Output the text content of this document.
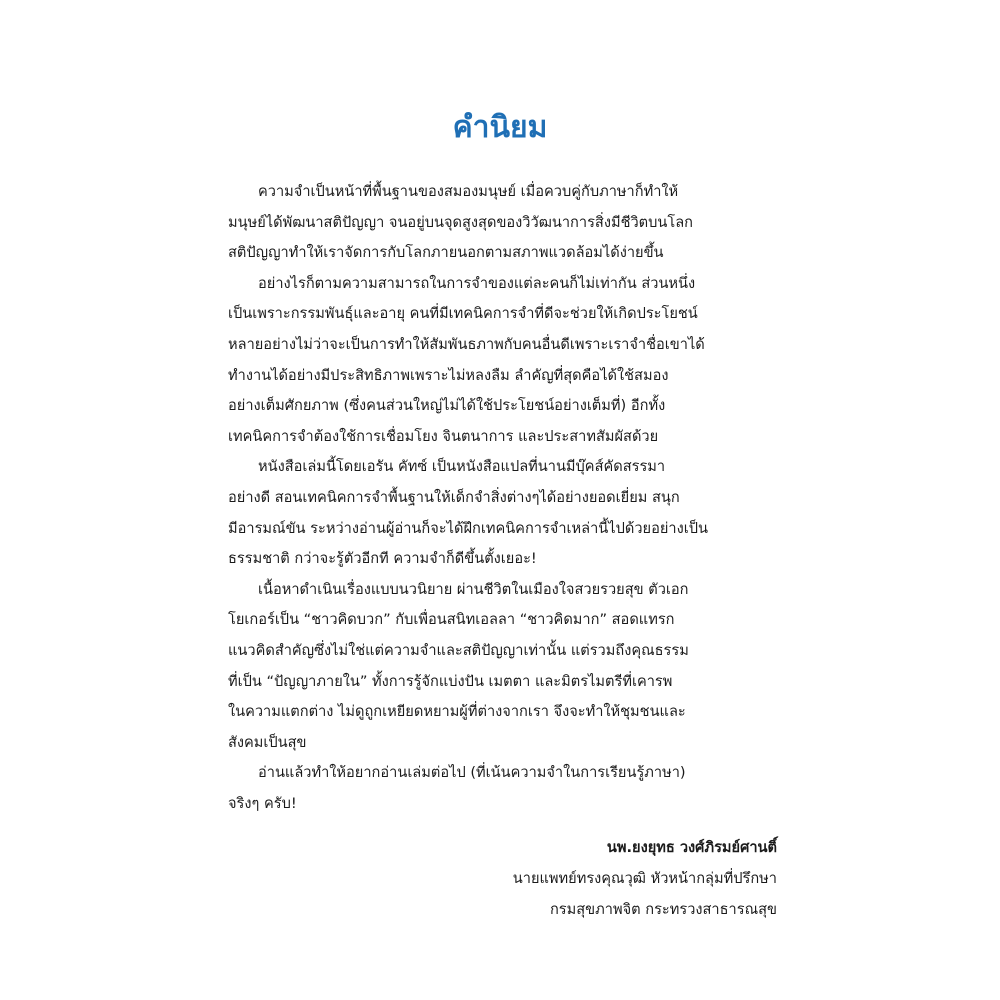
คำนิยม
ความจำเป็นหน้าที่พื้นฐานของสมองมนุษย์ เมื่อควบคู่กับภาษาก็ทำให้
มนุษย์ได้พัฒนาสติปัญญา จนอยู่บนจุดสูงสุดของวิวัฒนาการสิ่งมีชีวิตบนโลก
สติปัญญาทำให้เราจัดการกับโลกภายนอกตามสภาพแวดล้อมได้ง่ายขึ้น
อย่างไรก็ตามความสามารถในการจำของแต่ละคนก็ไม่เท่ากัน ส่วนหนึ่ง
เป็นเพราะกรรมพันธุ์และอายุ คนที่มีเทคนิคการจำที่ดีจะช่วยให้เกิดประโยชน์
หลายอย่างไม่ว่าจะเป็นการทำให้สัมพันธภาพกับคนอื่นดีเพราะเราจำชื่อเขาได้
ทำงานได้อย่างมีประสิทธิภาพเพราะไม่หลงลืม ลำคัญที่สุดคือได้ใช้สมอง
อย่างเต็มศักยภาพ (ซึ่งคนส่วนใหญ่ไม่ได้ใช้ประโยชน์อย่างเต็มที่) อีกทั้ง
เทคนิคการจำต้องใช้การเชื่อมโยง จินตนาการ และประสาทสัมผัสด้วย
หนังสือเล่มนี้โดยเอรัน คัทซ์ เป็นหนังสือแปลที่นานมีบุ๊คส์คัดสรรมา
อย่างดี สอนเทคนิคการจำพื้นฐานให้เด็กจำสิ่งต่างๆได้อย่างยอดเยี่ยม สนุก
มีอารมณ์ขัน ระหว่างอ่านผู้อ่านก็จะได้ฝึกเทคนิคการจำเหล่านี้ไปด้วยอย่างเป็น
ธรรมชาติ กว่าจะรู้ตัวอีกที ความจำก็ดีขึ้นตั้งเยอะ!
เนื้อหาดำเนินเรื่องแบบนวนิยาย ผ่านชีวิตในเมืองใจสวยรวยสุข ตัวเอก
โยเกอร์เป็น “ชาวคิดบวก” กับเพื่อนสนิทเอลลา “ชาวคิดมาก” สอดแทรก
แนวคิดสำคัญซึ่งไม่ใช่แต่ความจำและสติปัญญาเท่านั้น แต่รวมถึงคุณธรรม
ที่เป็น “ปัญญาภายใน” ทั้งการรู้จักแบ่งปัน เมตตา และมิตรไมตรีที่เคารพ
ในความแตกต่าง ไม่ดูถูกเหยียดหยามผู้ที่ต่างจากเรา จึงจะทำให้ชุมชนและ
สังคมเป็นสุข
อ่านแล้วทำให้อยากอ่านเล่มต่อไป (ที่เน้นความจำในการเรียนรู้ภาษา)
จริงๆ ครับ!
นพ.ยงยุทธ วงศ์ภิรมย์ศานติ์
นายแพทย์ทรงคุณวุฒิ หัวหน้ากลุ่มที่ปรึกษา
กรมสุขภาพจิต กระทรวงสาธารณสุข
